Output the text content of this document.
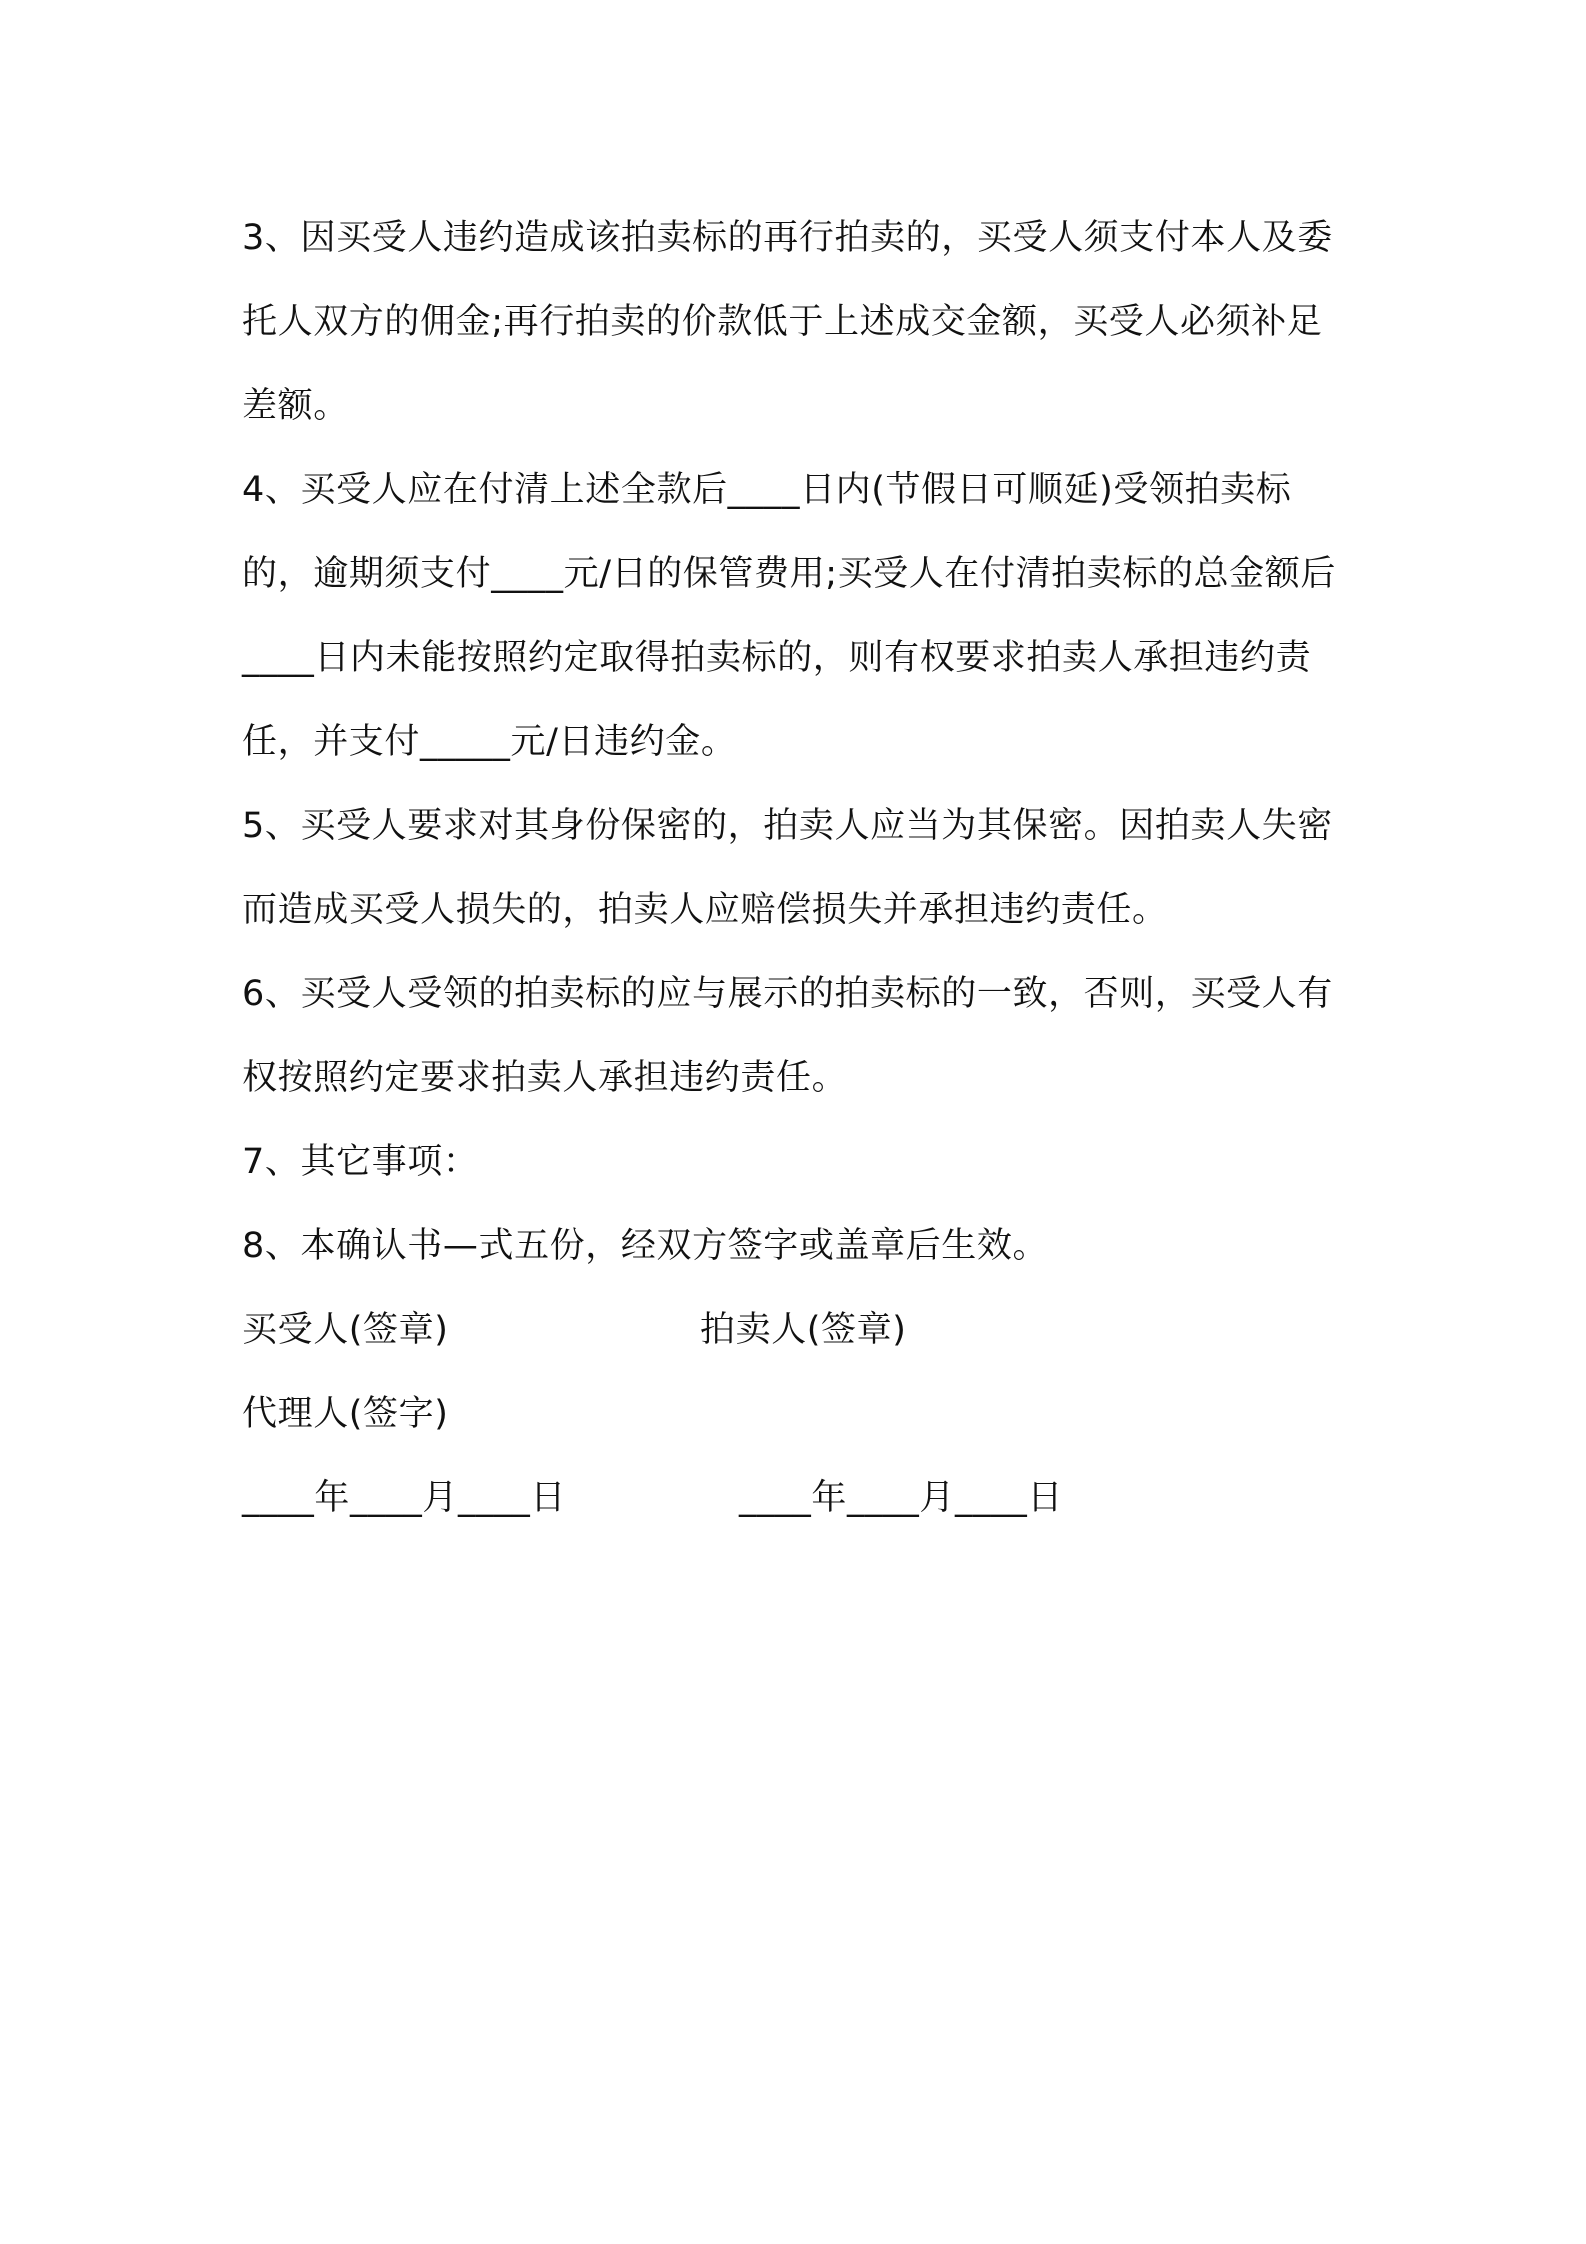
3、因买受人违约造成该拍卖标的再行拍卖的，买受人须支付本人及委托人双方的佣金;再行拍卖的价款低于上述成交金额，买受人必须补足差额。

4、买受人应在付清上述全款后____日内(节假日可顺延)受领拍卖标的，逾期须支付____元/日的保管费用;买受人在付清拍卖标的总金额后____日内未能按照约定取得拍卖标的，则有权要求拍卖人承担违约责任，并支付_____元/日违约金。

5、买受人要求对其身份保密的，拍卖人应当为其保密。因拍卖人失密而造成买受人损失的，拍卖人应赔偿损失并承担违约责任。

6、买受人受领的拍卖标的应与展示的拍卖标的一致，否则，买受人有权按照约定要求拍卖人承担违约责任。

7、其它事项：

8、本确认书—式五份，经双方签字或盖章后生效。

买受人(签章)	拍卖人(签章)
代理人(签字)
____年____月____日	____年____月____日
